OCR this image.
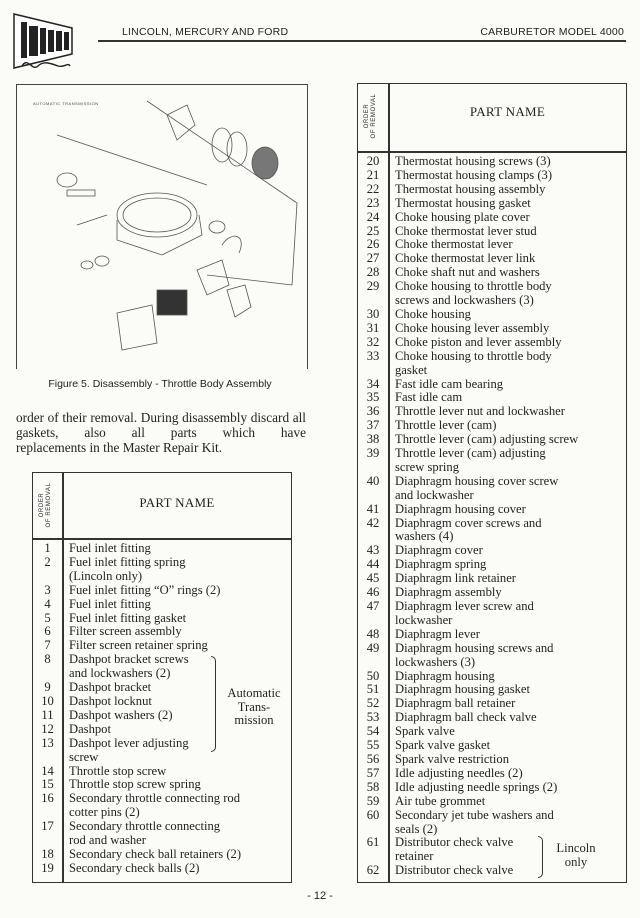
LINCOLN, MERCURY AND FORD	CARBURETOR MODEL 4000
AUTOMATIC TRANSMISSION
Figure 5. Disassembly - Throttle Body Assembly
order of their removal. During disassembly discard all gaskets, also all parts which have
replacements in the Master Repair Kit.
ORDER OF REMOVAL	PART NAME
1	Fuel inlet fitting
2	Fuel inlet fitting spring
(Lincoln only)
3	Fuel inlet fitting “O” rings (2)
4	Fuel inlet fitting
5	Fuel inlet fitting gasket
6	Filter screen assembly
7	Filter screen retainer spring
8	Dashpot bracket screws
and lockwashers (2)
9	Dashpot bracket
10	Dashpot locknut
11	Dashpot washers (2)
12	Dashpot
13	Dashpot lever adjusting
screw
14	Throttle stop screw
15	Throttle stop screw spring
16	Secondary throttle connecting rod
cotter pins (2)
17	Secondary throttle connecting
rod and washer
18	Secondary check ball retainers (2)
19	Secondary check balls (2)
Automatic
Trans-
mission
ORDER OF REMOVAL	PART NAME
20	Thermostat housing screws (3)
21	Thermostat housing clamps (3)
22	Thermostat housing assembly
23	Thermostat housing gasket
24	Choke housing plate cover
25	Choke thermostat lever stud
26	Choke thermostat lever
27	Choke thermostat lever link
28	Choke shaft nut and washers
29	Choke housing to throttle body
screws and lockwashers (3)
30	Choke housing
31	Choke housing lever assembly
32	Choke piston and lever assembly
33	Choke housing to throttle body
gasket
34	Fast idle cam bearing
35	Fast idle cam
36	Throttle lever nut and lockwasher
37	Throttle lever (cam)
38	Throttle lever (cam) adjusting screw
39	Throttle lever (cam) adjusting
screw spring
40	Diaphragm housing cover screw
and lockwasher
41	Diaphragm housing cover
42	Diaphragm cover screws and
washers (4)
43	Diaphragm cover
44	Diaphragm spring
45	Diaphragm link retainer
46	Diaphragm assembly
47	Diaphragm lever screw and
lockwasher
48	Diaphragm lever
49	Diaphragm housing screws and
lockwashers (3)
50	Diaphragm housing
51	Diaphragm housing gasket
52	Diaphragm ball retainer
53	Diaphragm ball check valve
54	Spark valve
55	Spark valve gasket
56	Spark valve restriction
57	Idle adjusting needles (2)
58	Idle adjusting needle springs (2)
59	Air tube grommet
60	Secondary jet tube washers and
seals (2)
61	Distributor check valve
retainer
62	Distributor check valve
Lincoln
only
- 12 -
